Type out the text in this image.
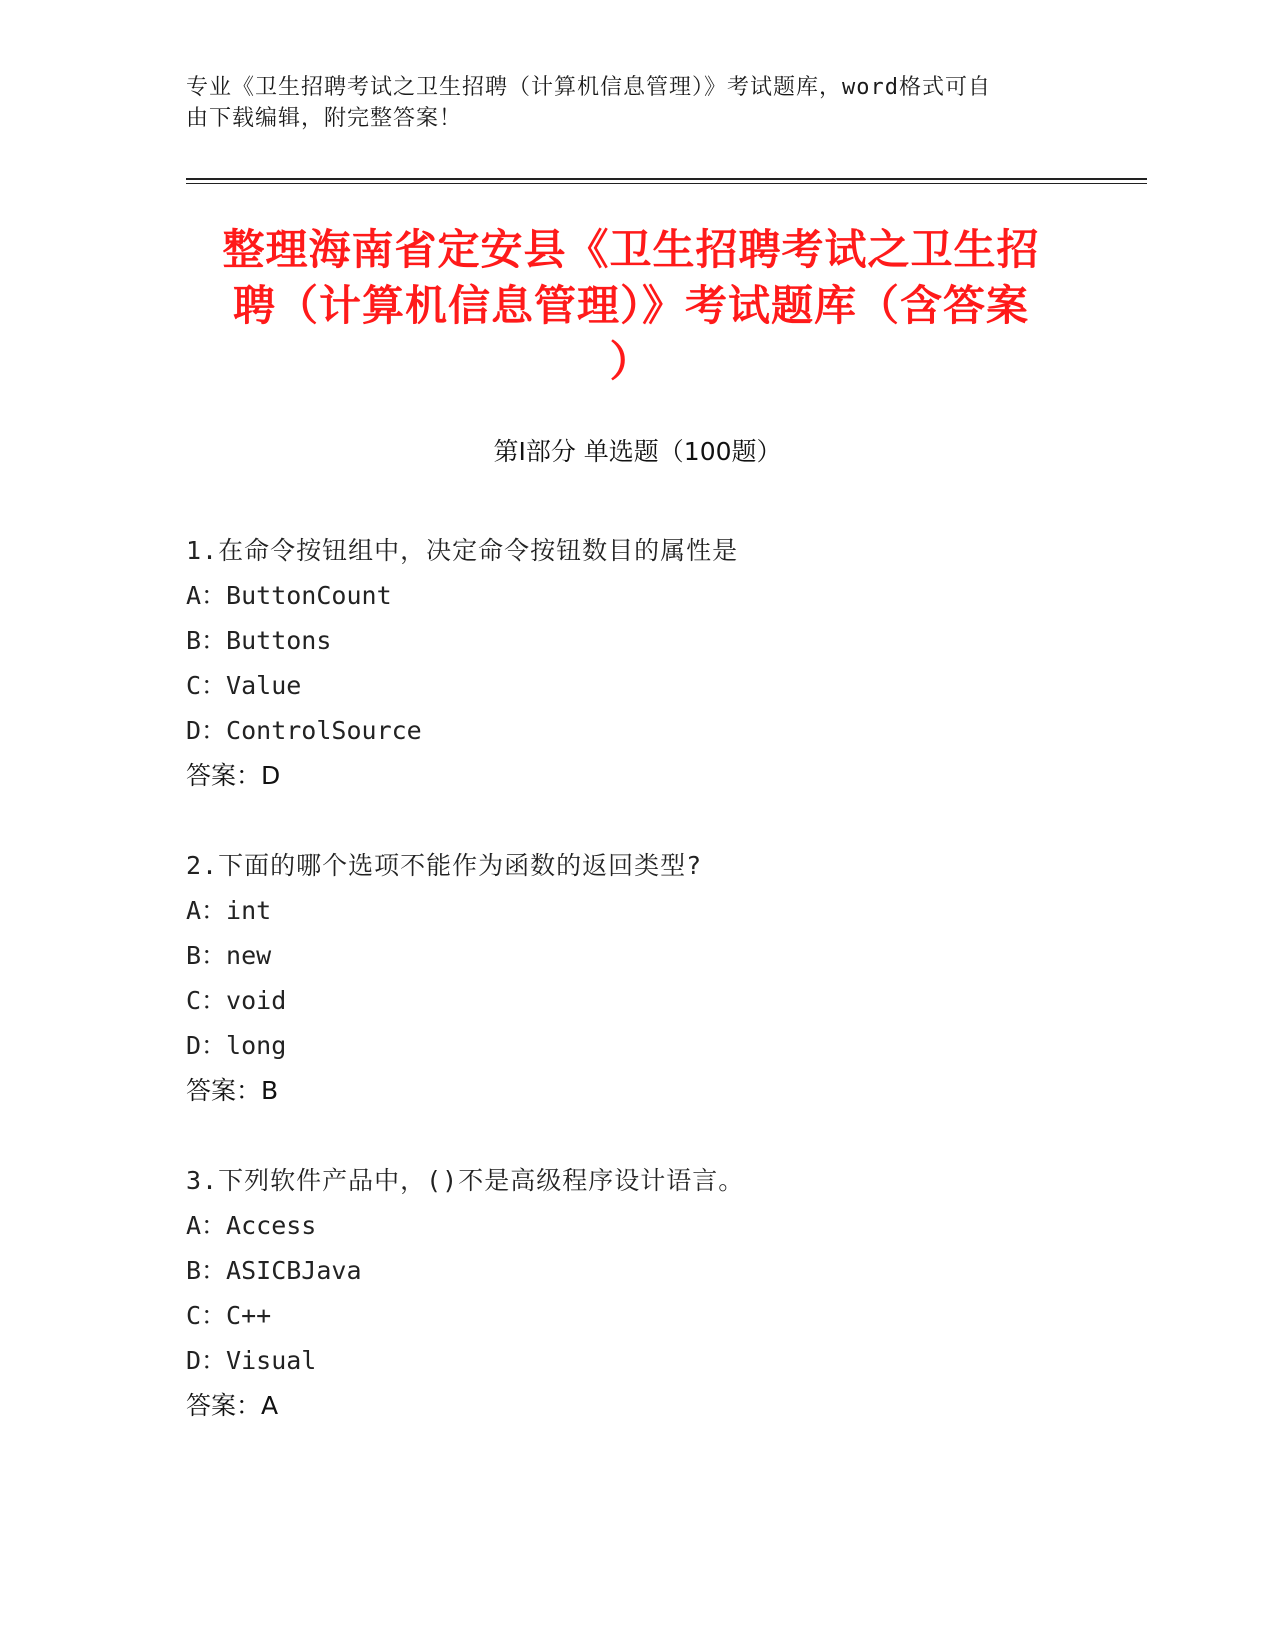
专业《卫生招聘考试之卫生招聘（计算机信息管理）》考试题库，word格式可自
由下载编辑，附完整答案！
整理海南省定安县《卫生招聘考试之卫生招
聘（计算机信息管理）》考试题库（含答案
）
第Ⅰ部分 单选题（100题）
1.在命令按钮组中，决定命令按钮数目的属性是
A：ButtonCount
B：Buttons
C：Value
D：ControlSource
答案：D
2.下面的哪个选项不能作为函数的返回类型?
A：int
B：new
C：void
D：long
答案：B
3.下列软件产品中，()不是高级程序设计语言。
A：Access
B：ASICBJava
C：C++
D：Visual
答案：A
